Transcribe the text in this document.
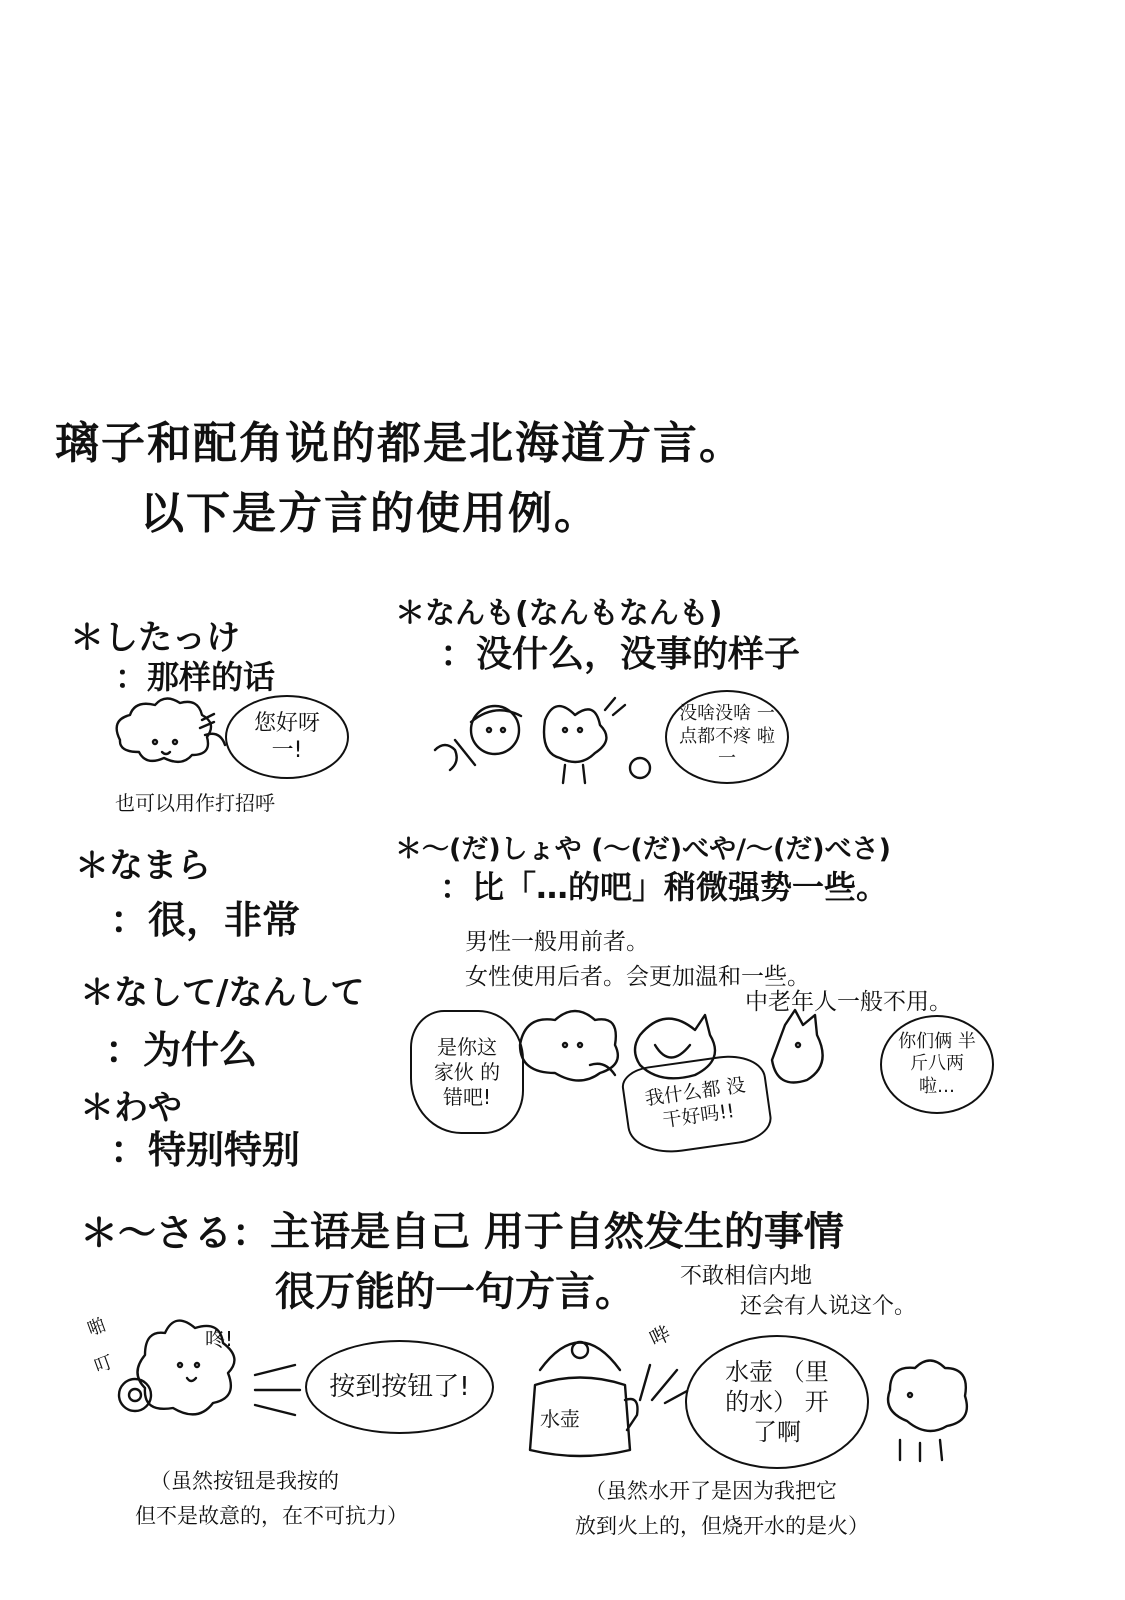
璃子和配角说的都是北海道方言。
以下是方言的使用例。
＊したっけ
：那样的话
您好呀 一!
也可以用作打招呼
＊なまら
：很，非常
＊なして/なんして
：为什么
＊わや
：特别特别
＊なんも(なんもなんも)
：没什么，没事的样子
没啥没啥 一点都不疼 啦一
＊〜(だ)しょや (〜(だ)べや/〜(だ)べさ)
：比「…的吧」稍微强势一些。
男性一般用前者。
女性使用后者。会更加温和一些。
中老年人一般不用。
是你这 家伙 的错吧!	我什么都 没干好吗!!
你们俩 半斤八两 啦…
＊〜さる： 主语是自己 用于自然发生的事情
很万能的一句方言。 不敢相信内地
还会有人说这个。
啪
叮
咚!
按到按钮了!
（虽然按钮是我按的
但不是故意的，在不可抗力）
水壶
哔
水壶 （里的水） 开了啊
（虽然水开了是因为我把它
放到火上的，但烧开水的是火）
